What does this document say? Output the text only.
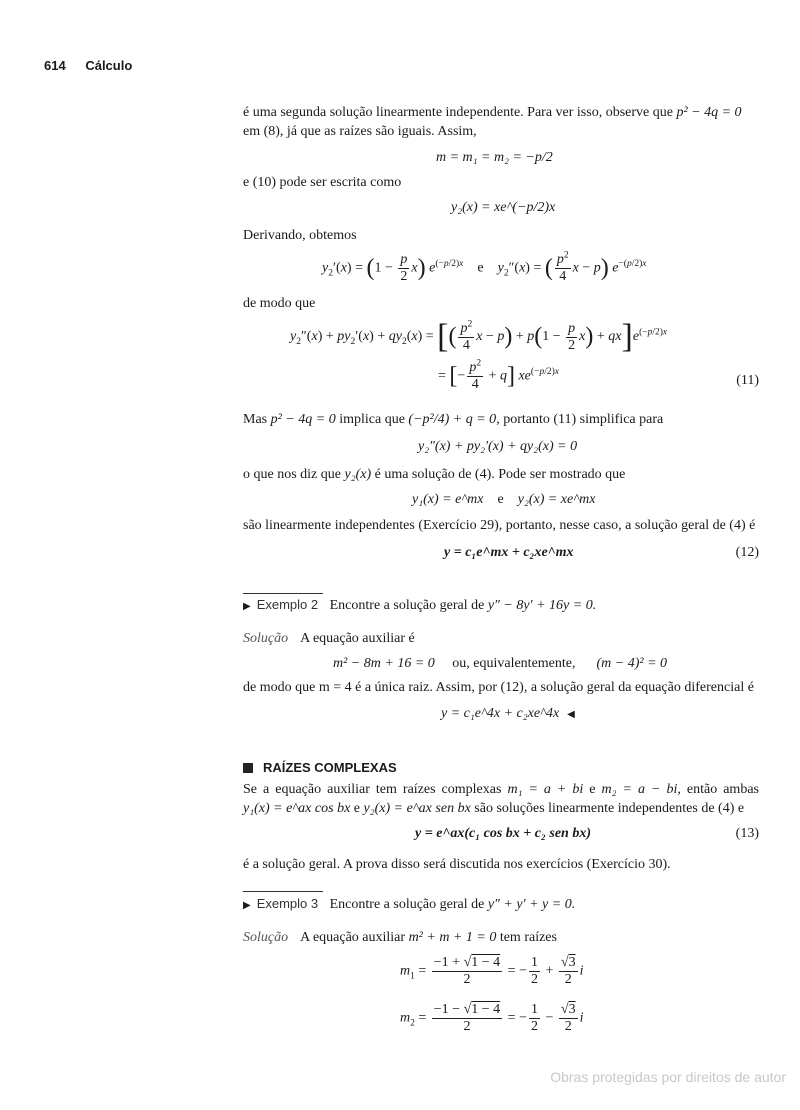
614 Cálculo
é uma segunda solução linearmente independente. Para ver isso, observe que p² − 4q = 0
em (8), já que as raízes são iguais. Assim,
m = m₁ = m₂ = −p/2
e (10) pode ser escrita como
y₂(x) = xe^(−p/2)x
Derivando, obtemos
$y_2'(x) = (1 - \frac{p}{2} x)$ $e^{(-p/2)x}$    e    $y_2''(x)$ = ( $\frac{p^2}{4}$ x − p) $e^{-(p/2)x}$
de modo que
$y_2''(x) + py_2'(x) + qy_2(x)$ = [( $\frac{p^2}{4}$ $x - p) + p(1 - \frac{p}{2} x) + qx]e^{(-p/2)x}$
= [− $\frac{p^2}{4} + q$] $xe^{(-p/2)x}$
(11)
Mas p² − 4q = 0 implica que (−p²/4) + q = 0, portanto (11) simplifica para
y₂″(x) + py₂′(x) + qy₂(x) = 0
o que nos diz que y₂(x) é uma solução de (4). Pode ser mostrado que
y₁(x) = e^mx e y₂(x) = xe^mx
são linearmente independentes (Exercício 29), portanto, nesse caso, a solução geral de (4) é
y = c₁e^mx + c₂xe^mx	(12)
▶ Exemplo 2 Encontre a solução geral de y″ − 8y′ + 16y = 0.
Solução A equação auxiliar é
m² − 8m + 16 = 0 ou, equivalentemente, (m − 4)² = 0
de modo que m = 4 é a única raiz. Assim, por (12), a solução geral da equação diferencial é
y = c₁e^4x + c₂xe^4x ◀
RAÍZES COMPLEXAS
Se a equação auxiliar tem raízes complexas m₁ = a + bi e m₂ = a − bi, então ambas
y₁(x) = e^ax cos bx e y₂(x) = e^ax sen bx são soluções linearmente independentes de (4) e
y = e^ax(c₁ cos bx + c₂ sen bx)	(13)
é a solução geral. A prova disso será discutida nos exercícios (Exercício 30).
▶ Exemplo 3 Encontre a solução geral de y″ + y′ + y = 0.
Solução A equação auxiliar m² + m + 1 = 0 tem raízes
$m_1 = \frac{-1 + √1 - 4}{2}$ = − $\frac{1}{2} + \frac{√3}{2}$ i
$m_2 = \frac{-1 - √1 - 4}{2}$ = − $\frac{1}{2} - \frac{√3}{2}$ i
Obras protegidas por direitos de autor
